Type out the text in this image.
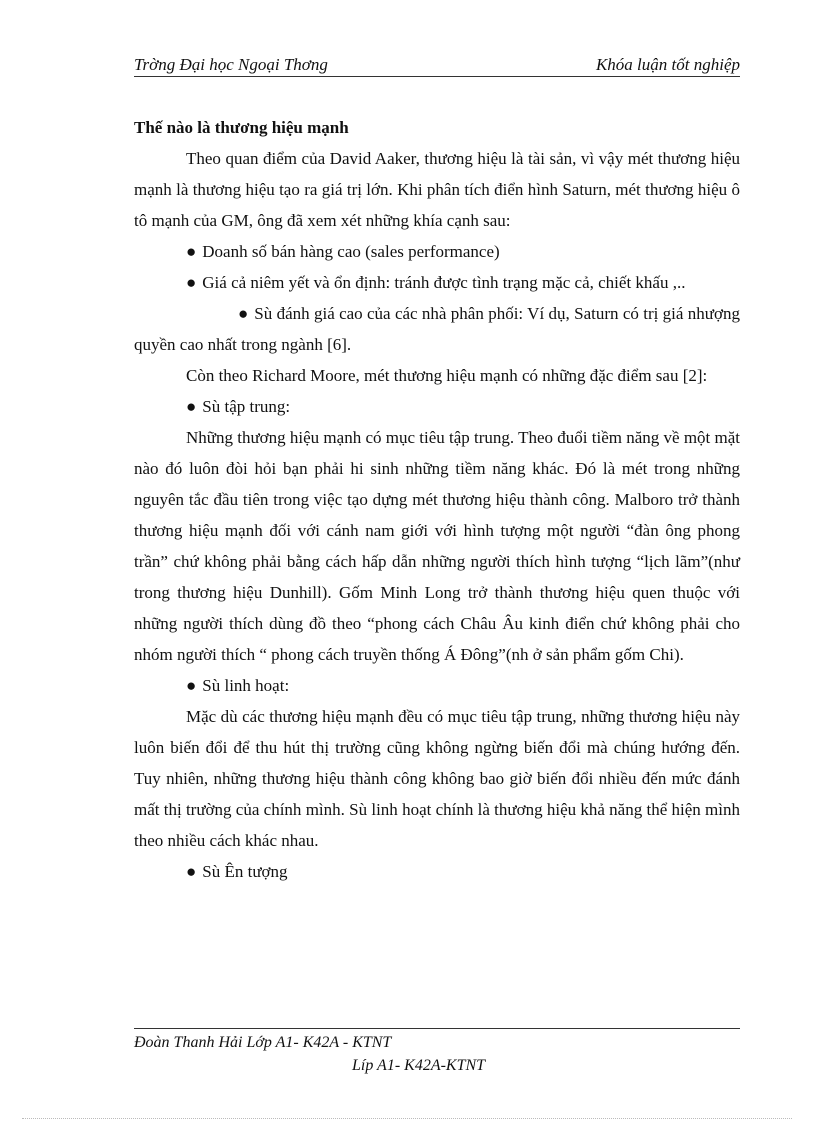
Trờng Đại học Ngoại Thơng	Khóa luận tốt nghiệp

Thế nào là thương hiệu mạnh

Theo quan điểm của David Aaker, thương hiệu là tài sản, vì vậy mét thương hiệu mạnh là thương hiệu tạo ra giá trị lớn. Khi phân tích điển hình Saturn, mét thương hiệu ô tô mạnh của GM, ông đã xem xét những khía cạnh sau:

● Doanh số bán hàng cao (sales performance)

● Giá cả niêm yết và ổn định: tránh được tình trạng mặc cả, chiết khấu ,..

● Sù đánh giá cao của các nhà phân phối: Ví dụ, Saturn có trị giá nhượng quyền cao nhất trong ngành [6].

Còn theo Richard Moore, mét thương hiệu mạnh có những đặc điểm sau [2]:

● Sù tập trung:

Những thương hiệu mạnh có mục tiêu tập trung. Theo đuổi tiềm năng về một mặt nào đó luôn đòi hỏi bạn phải hi sinh những tiềm năng khác. Đó là mét trong những nguyên tắc đầu tiên trong việc tạo dựng mét thương hiệu thành công. Malboro trở thành thương hiệu mạnh đối với cánh nam giới với hình tượng một người “đàn ông phong trần” chứ không phải bằng cách hấp dẫn những người thích hình tượng “lịch lãm”(như trong thương hiệu Dunhill). Gốm Minh Long trở thành thương hiệu quen thuộc với những người thích dùng đồ theo “phong cách Châu Âu kinh điển chứ không phải cho nhóm người thích “ phong cách truyền thống Á Đông”(nh ở sản phẩm gốm Chi).

● Sù linh hoạt:

Mặc dù các thương hiệu mạnh đều có mục tiêu tập trung, những thương hiệu này luôn biến đổi để thu hút thị trường cũng không ngừng biến đổi mà chúng hướng đến. Tuy nhiên, những thương hiệu thành công không bao giờ biến đổi nhiều đến mức đánh mất thị trường của chính mình. Sù linh hoạt chính là thương hiệu khả năng thể hiện mình theo nhiều cách khác nhau.

● Sù Ên tượng

Đoàn Thanh Hải Lớp A1- K42A - KTNT
Líp A1- K42A-KTNT
